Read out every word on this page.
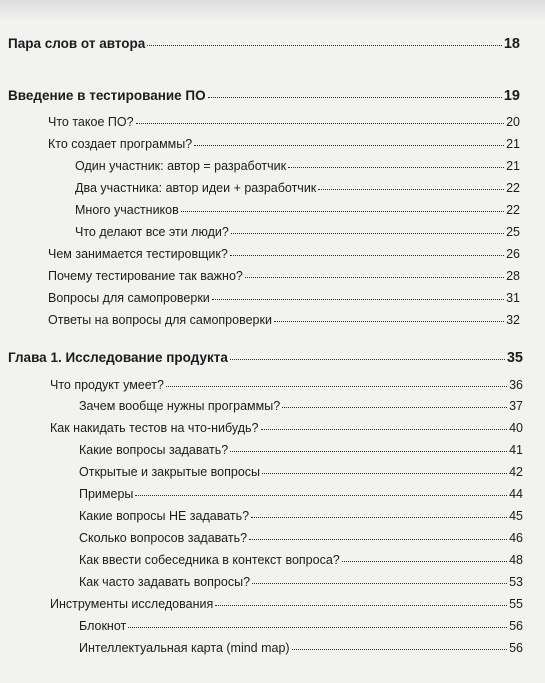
Пара слов от автора	18
Введение в тестирование ПО	19
Что такое ПО?	20
Кто создает программы?	21
Один участник: автор = разработчик	21
Два участника: автор идеи + разработчик	22
Много участников	22
Что делают все эти люди?	25
Чем занимается тестировщик?	26
Почему тестирование так важно?	28
Вопросы для самопроверки	31
Ответы на вопросы для самопроверки	32
Глава 1. Исследование продукта	35
Что продукт умеет?	36
Зачем вообще нужны программы?	37
Как накидать тестов на что-нибудь?	40
Какие вопросы задавать?	41
Открытые и закрытые вопросы	42
Примеры	44
Какие вопросы НЕ задавать?	45
Сколько вопросов задавать?	46
Как ввести собеседника в контекст вопроса?	48
Как часто задавать вопросы?	53
Инструменты исследования	55
Блокнот	56
Интеллектуальная карта (mind map)	56
